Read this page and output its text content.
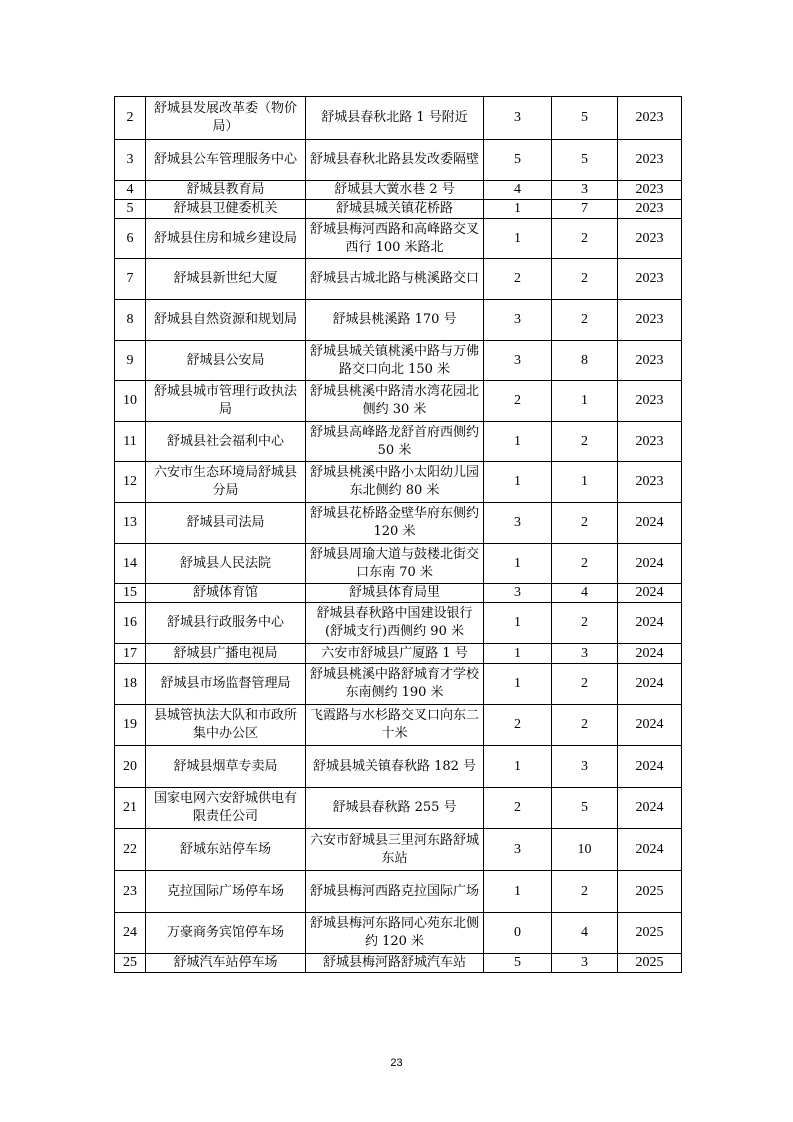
2	舒城县发展改革委（物价局）	舒城县春秋北路 1 号附近	3	5	2023
3	舒城县公车管理服务中心	舒城县春秋北路县发改委隔壁	5	5	2023
4	舒城县教育局	舒城县大黉水巷 2 号	4	3	2023
5	舒城县卫健委机关	舒城县城关镇花桥路	1	7	2023
6	舒城县住房和城乡建设局	舒城县梅河西路和高峰路交叉西行 100 米路北	1	2	2023
7	舒城县新世纪大厦	舒城县古城北路与桃溪路交口	2	2	2023
8	舒城县自然资源和规划局	舒城县桃溪路 170 号	3	2	2023
9	舒城县公安局	舒城县城关镇桃溪中路与万佛路交口向北 150 米	3	8	2023
10	舒城县城市管理行政执法局	舒城县桃溪中路清水湾花园北侧约 30 米	2	1	2023
11	舒城县社会福利中心	舒城县高峰路龙舒首府西侧约 50 米	1	2	2023
12	六安市生态环境局舒城县分局	舒城县桃溪中路小太阳幼儿园东北侧约 80 米	1	1	2023
13	舒城县司法局	舒城县花桥路金壁华府东侧约 120 米	3	2	2024
14	舒城县人民法院	舒城县周瑜大道与鼓楼北街交口东南 70 米	1	2	2024
15	舒城体育馆	舒城县体育局里	3	4	2024
16	舒城县行政服务中心	舒城县春秋路中国建设银行(舒城支行)西侧约 90 米	1	2	2024
17	舒城县广播电视局	六安市舒城县广厦路 1 号	1	3	2024
18	舒城县市场监督管理局	舒城县桃溪中路舒城育才学校东南侧约 190 米	1	2	2024
19	县城管执法大队和市政所集中办公区	飞霞路与水杉路交叉口向东二十米	2	2	2024
20	舒城县烟草专卖局	舒城县城关镇春秋路 182 号	1	3	2024
21	国家电网六安舒城供电有限责任公司	舒城县春秋路 255 号	2	5	2024
22	舒城东站停车场	六安市舒城县三里河东路舒城东站	3	10	2024
23	克拉国际广场停车场	舒城县梅河西路克拉国际广场	1	2	2025
24	万豪商务宾馆停车场	舒城县梅河东路同心苑东北侧约 120 米	0	4	2025
25	舒城汽车站停车场	舒城县梅河路舒城汽车站	5	3	2025
23
